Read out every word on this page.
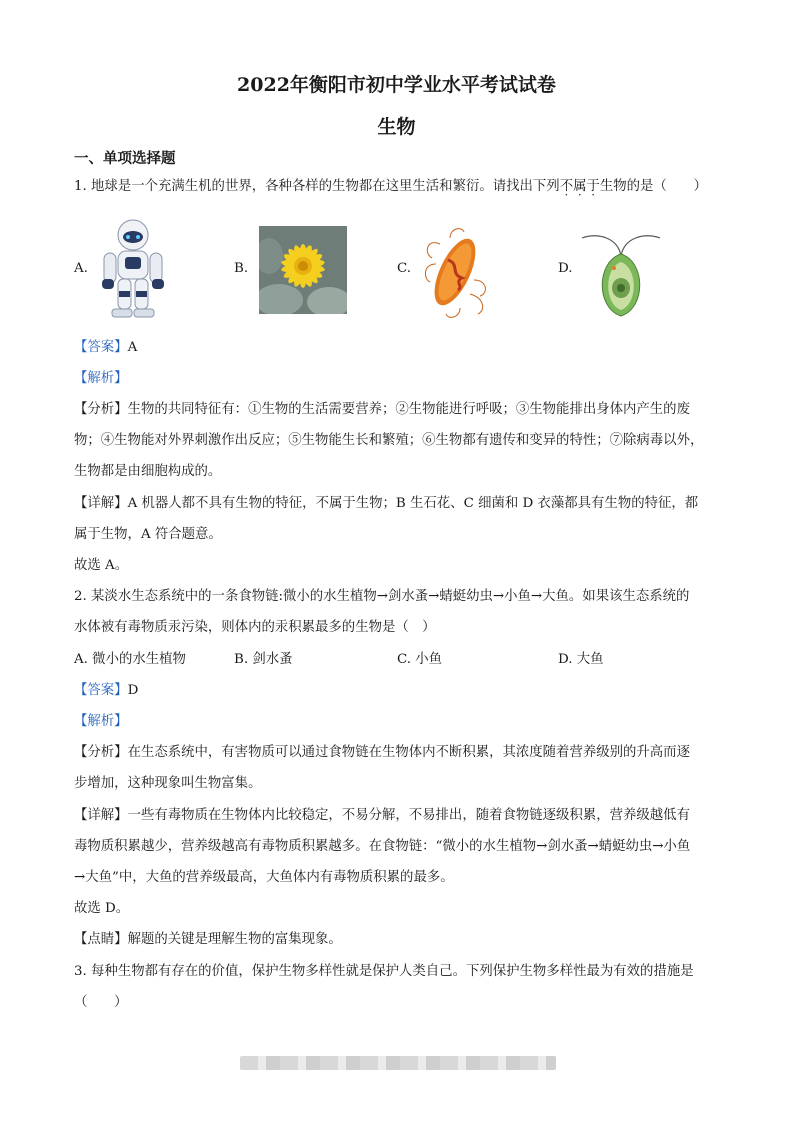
2022年衡阳市初中学业水平考试试卷
生物
一、单项选择题
1. 地球是一个充满生机的世界，各种各样的生物都在这里生活和繁衍。请找出下列不属于生物的是（　　）
A.	B.	C.	D.
【答案】A
【解析】
【分析】生物的共同特征有：①生物的生活需要营养；②生物能进行呼吸；③生物能排出身体内产生的废
物；④生物能对外界刺激作出反应；⑤生物能生长和繁殖；⑥生物都有遗传和变异的特性；⑦除病毒以外，
生物都是由细胞构成的。
【详解】A 机器人都不具有生物的特征，不属于生物；B 生石花、C 细菌和 D 衣藻都具有生物的特征，都
属于生物，A 符合题意。
故选 A。
2. 某淡水生态系统中的一条食物链:微小的水生植物→剑水蚤→蜻蜓幼虫→小鱼→大鱼。如果该生态系统的
水体被有毒物质汞污染，则体内的汞积累最多的生物是（　）
A. 微小的水生植物	B. 剑水蚤	C. 小鱼	D. 大鱼
【答案】D
【解析】
【分析】在生态系统中，有害物质可以通过食物链在生物体内不断积累，其浓度随着营养级别的升高而逐
步增加，这种现象叫生物富集。
【详解】一些有毒物质在生物体内比较稳定，不易分解，不易排出，随着食物链逐级积累，营养级越低有
毒物质积累越少，营养级越高有毒物质积累越多。在食物链：“微小的水生植物→剑水蚤→蜻蜓幼虫→小鱼
→大鱼”中，大鱼的营养级最高，大鱼体内有毒物质积累的最多。
故选 D。
【点睛】解题的关键是理解生物的富集现象。
3. 每种生物都有存在的价值，保护生物多样性就是保护人类自己。下列保护生物多样性最为有效的措施是
（　　）
